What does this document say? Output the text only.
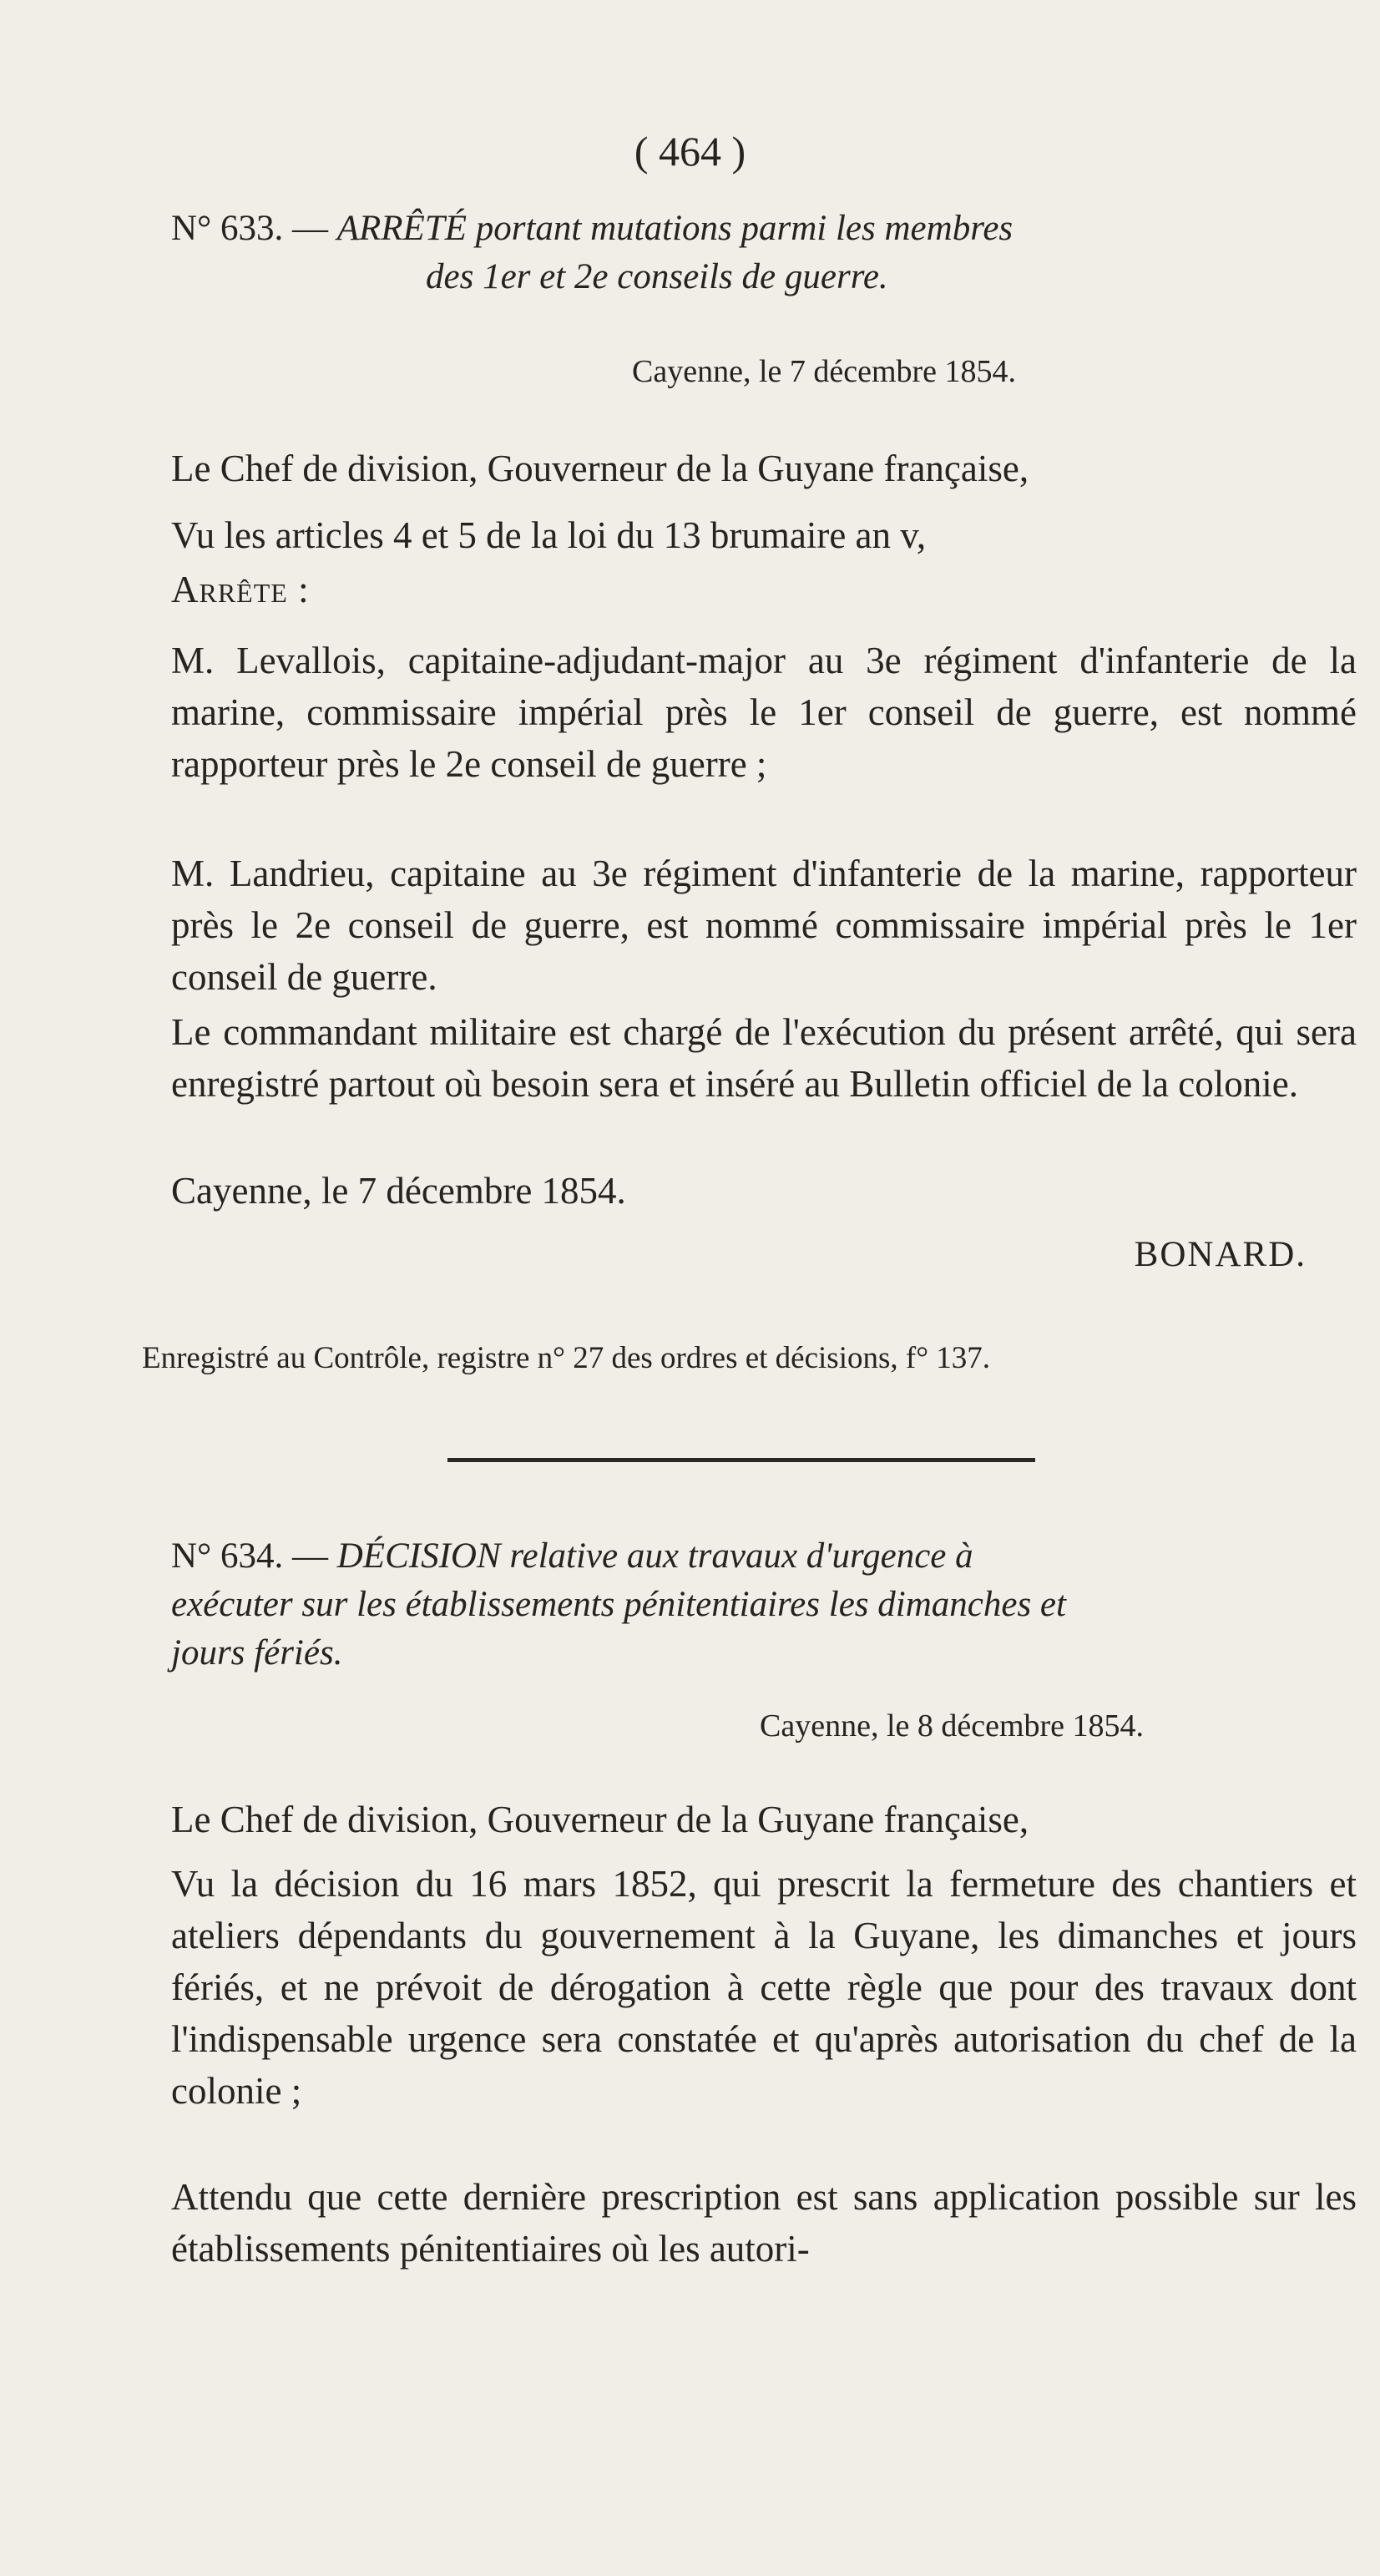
( 464 )
N° 633. — ARRÊTÉ portant mutations parmi les membres
des 1er et 2e conseils de guerre.
Cayenne, le 7 décembre 1854.
Le Chef de division, Gouverneur de la Guyane française,
Vu les articles 4 et 5 de la loi du 13 brumaire an v,
Arrête :
M. Levallois, capitaine-adjudant-major au 3e régiment d'infanterie de la marine, commissaire impérial près le 1er conseil de guerre, est nommé rapporteur près le 2e conseil de guerre ;
M. Landrieu, capitaine au 3e régiment d'infanterie de la marine, rapporteur près le 2e conseil de guerre, est nommé commissaire impérial près le 1er conseil de guerre.
Le commandant militaire est chargé de l'exécution du présent arrêté, qui sera enregistré partout où besoin sera et inséré au Bulletin officiel de la colonie.
Cayenne, le 7 décembre 1854.
BONARD.
Enregistré au Contrôle, registre n° 27 des ordres et décisions, f° 137.
N° 634. — DÉCISION relative aux travaux d'urgence à
exécuter sur les établissements pénitentiaires les dimanches et
jours fériés.
Cayenne, le 8 décembre 1854.
Le Chef de division, Gouverneur de la Guyane française,
Vu la décision du 16 mars 1852, qui prescrit la fermeture des chantiers et ateliers dépendants du gouvernement à la Guyane, les dimanches et jours fériés, et ne prévoit de dérogation à cette règle que pour des travaux dont l'indispensable urgence sera constatée et qu'après autorisation du chef de la colonie ;
Attendu que cette dernière prescription est sans application possible sur les établissements pénitentiaires où les autori-
